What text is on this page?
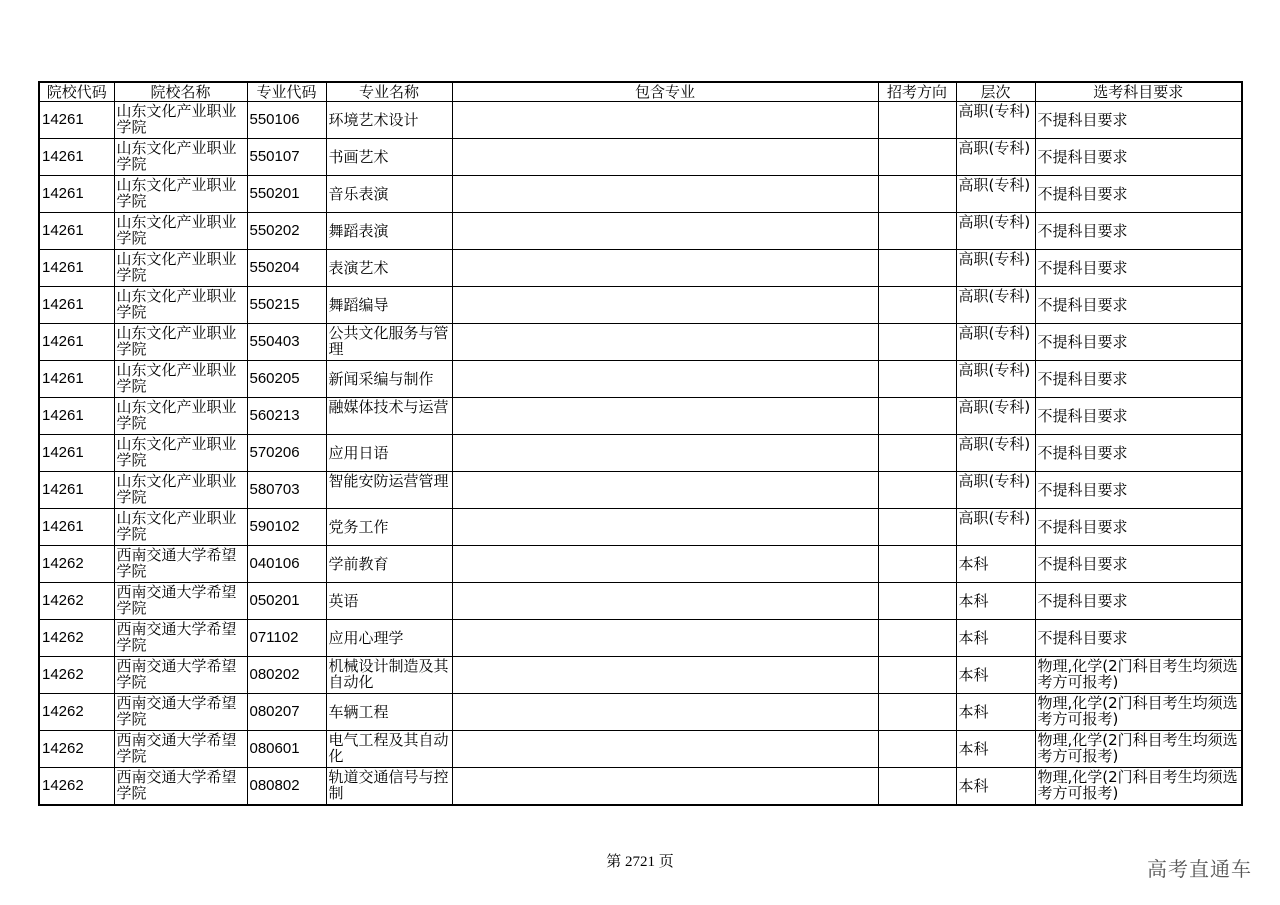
院校代码	院校名称	专业代码	专业名称	包含专业	招考方向	层次	选考科目要求
14261	山东文化产业职业学院	550106	环境艺术设计			高职(专科)	不提科目要求
14261	山东文化产业职业学院	550107	书画艺术			高职(专科)	不提科目要求
14261	山东文化产业职业学院	550201	音乐表演			高职(专科)	不提科目要求
14261	山东文化产业职业学院	550202	舞蹈表演			高职(专科)	不提科目要求
14261	山东文化产业职业学院	550204	表演艺术			高职(专科)	不提科目要求
14261	山东文化产业职业学院	550215	舞蹈编导			高职(专科)	不提科目要求
14261	山东文化产业职业学院	550403	公共文化服务与管理			高职(专科)	不提科目要求
14261	山东文化产业职业学院	560205	新闻采编与制作			高职(专科)	不提科目要求
14261	山东文化产业职业学院	560213	融媒体技术与运营			高职(专科)	不提科目要求
14261	山东文化产业职业学院	570206	应用日语			高职(专科)	不提科目要求
14261	山东文化产业职业学院	580703	智能安防运营管理			高职(专科)	不提科目要求
14261	山东文化产业职业学院	590102	党务工作			高职(专科)	不提科目要求
14262	西南交通大学希望学院	040106	学前教育			本科	不提科目要求
14262	西南交通大学希望学院	050201	英语			本科	不提科目要求
14262	西南交通大学希望学院	071102	应用心理学			本科	不提科目要求
14262	西南交通大学希望学院	080202	机械设计制造及其自动化			本科	物理,化学(2门科目考生均须选考方可报考)
14262	西南交通大学希望学院	080207	车辆工程			本科	物理,化学(2门科目考生均须选考方可报考)
14262	西南交通大学希望学院	080601	电气工程及其自动化			本科	物理,化学(2门科目考生均须选考方可报考)
14262	西南交通大学希望学院	080802	轨道交通信号与控制			本科	物理,化学(2门科目考生均须选考方可报考)
第 2721 页	高考直通车
